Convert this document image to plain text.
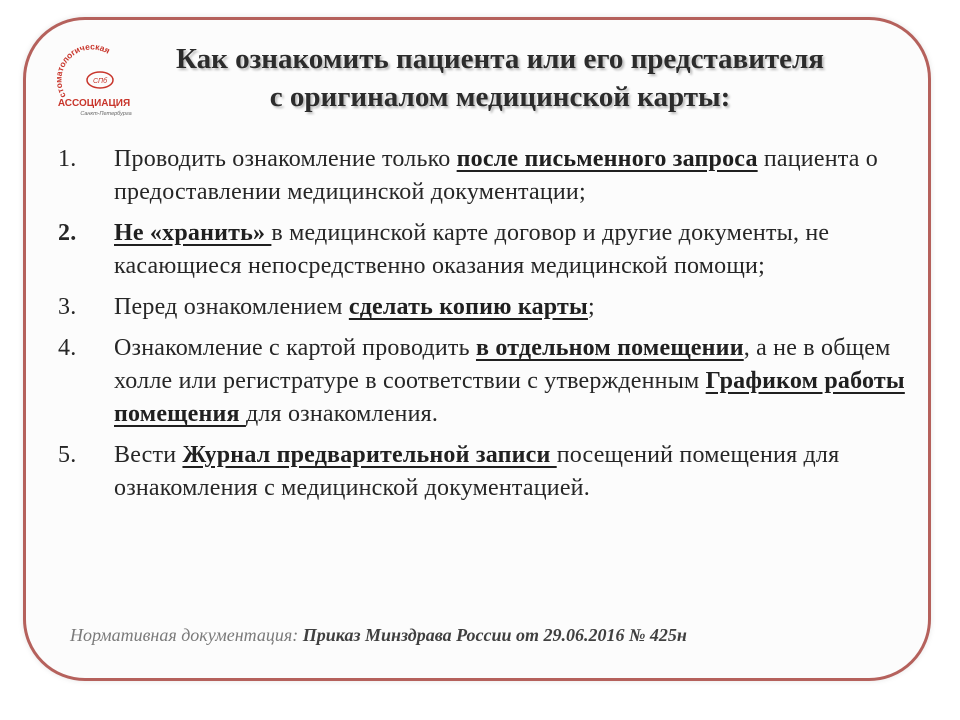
стоматологическая
СПб
АССОЦИАЦИЯ
Санкт-Петербурга
Как ознакомить пациента или его представителя
с оригиналом медицинской карты:
1.	Проводить ознакомление только после письменного запроса пациента о предоставлении медицинской документации;
2.	Не «хранить» в медицинской карте договор и другие документы, не касающиеся непосредственно оказания медицинской помощи;
3.	Перед ознакомлением сделать копию карты;
4.	Ознакомление с картой проводить в отдельном помещении, а не в общем холле или регистратуре в соответствии с утвержденным Графиком работы помещения для ознакомления.
5.	Вести Журнал предварительной записи посещений помещения для ознакомления с медицинской документацией.
Нормативная документация: Приказ Минздрава России от 29.06.2016 № 425н
